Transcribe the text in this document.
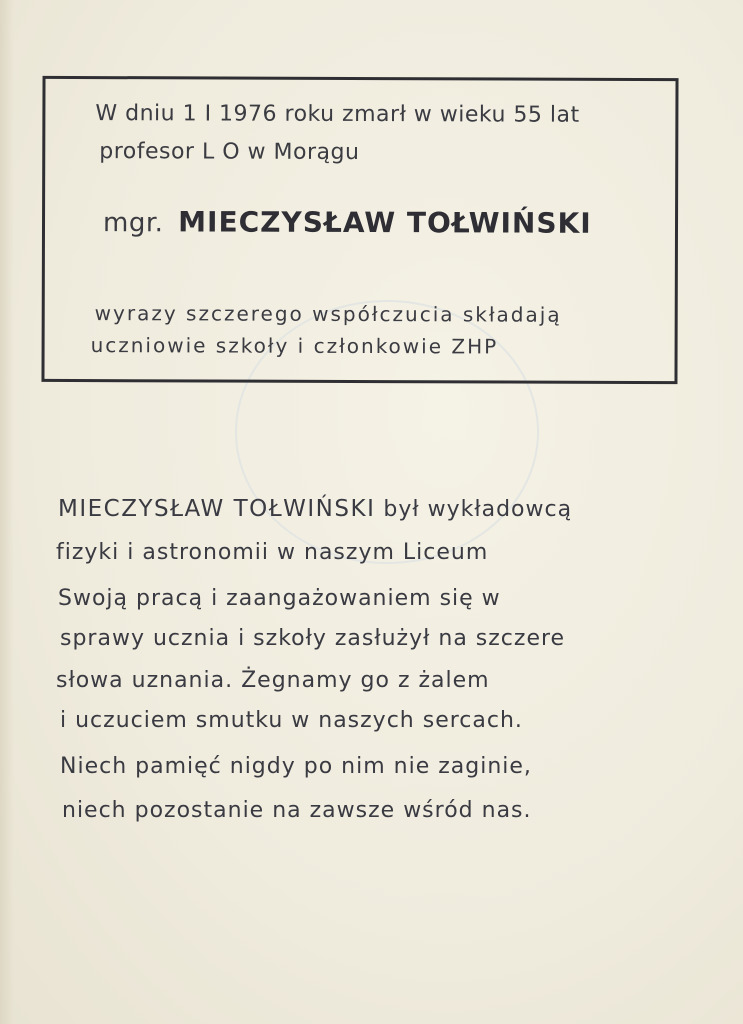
W dniu 1 I 1976 roku zmarł w wieku 55 lat
profesor L O w Morągu
mgr. MIECZYSŁAW TOŁWIŃSKI
wyrazy szczerego współczucia składają
uczniowie szkoły i członkowie ZHP
MIECZYSŁAW TOŁWIŃSKI był wykładowcą
fizyki i astronomii w naszym Liceum
Swoją pracą i zaangażowaniem się w
sprawy ucznia i szkoły zasłużył na szczere
słowa uznania. Żegnamy go z żalem
i uczuciem smutku w naszych sercach.
Niech pamięć nigdy po nim nie zaginie,
niech pozostanie na zawsze wśród nas.
